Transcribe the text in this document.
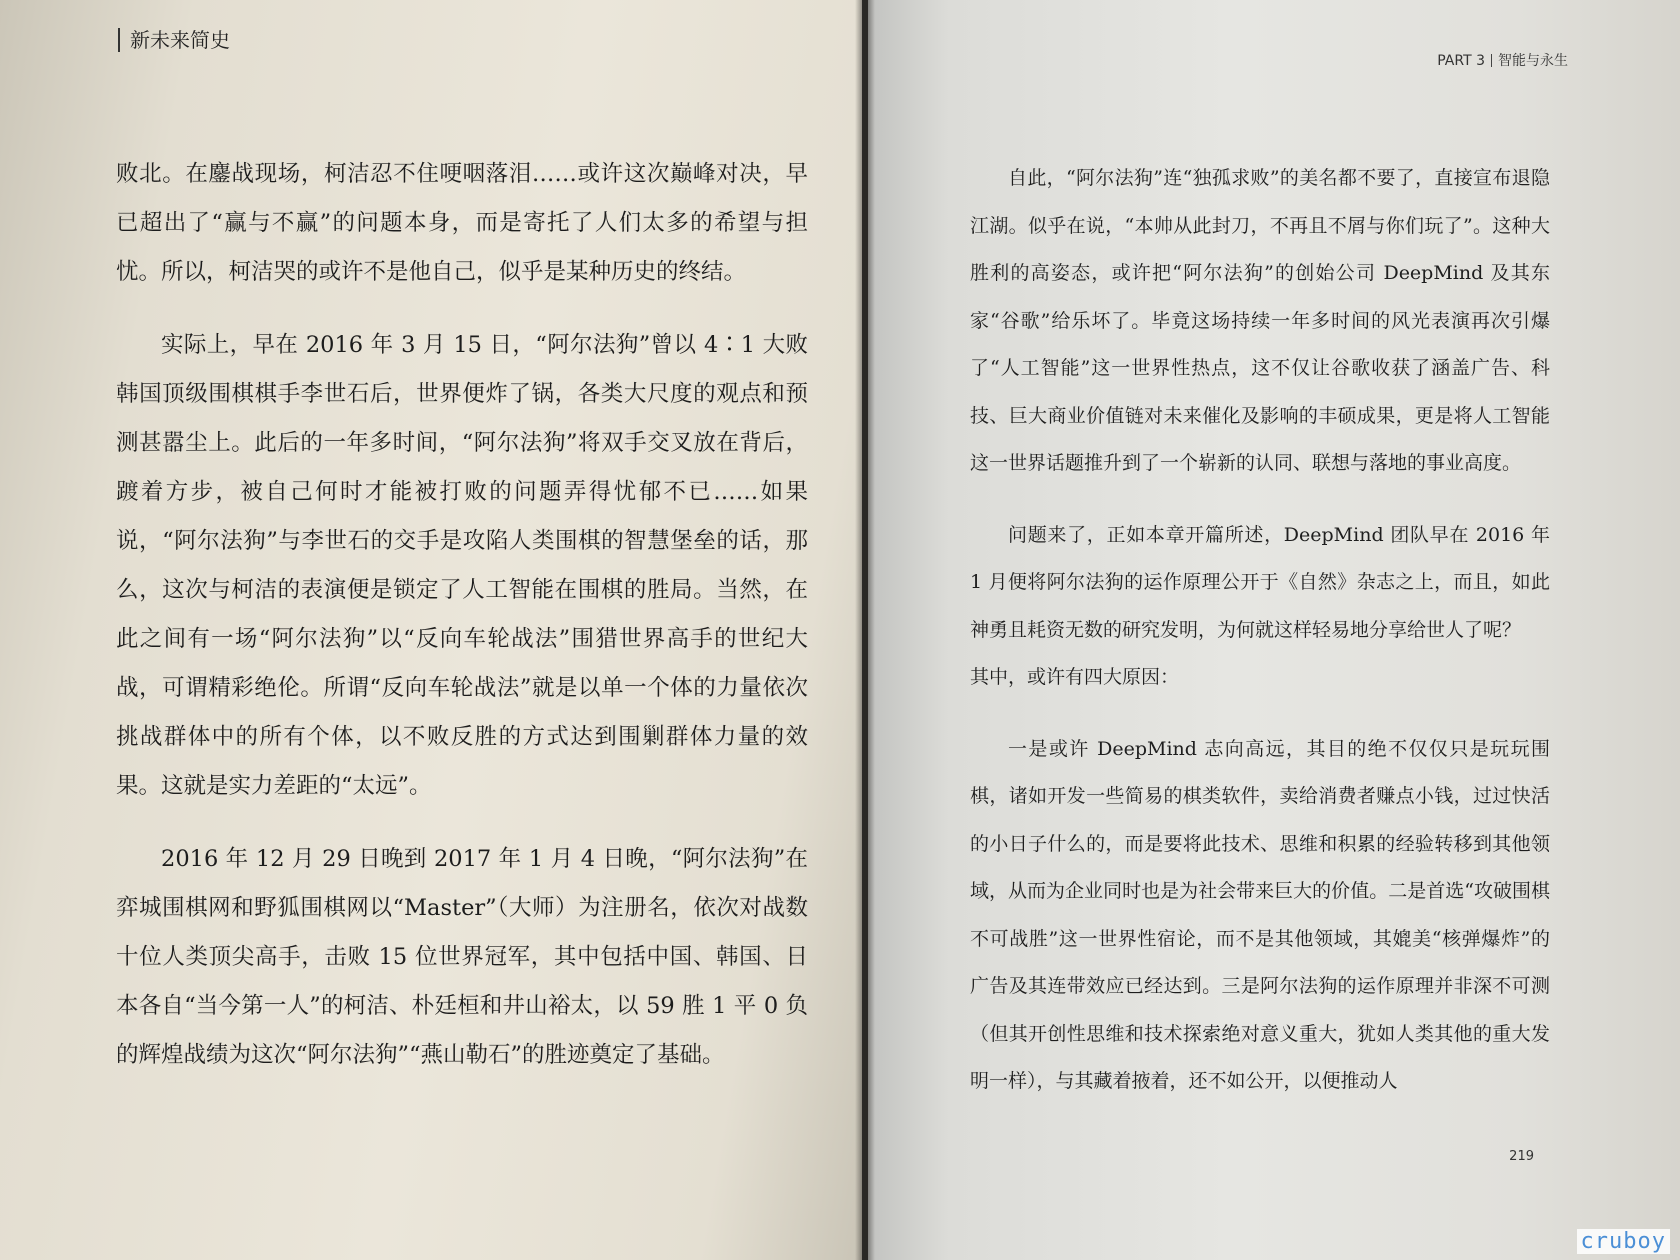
新未来简史

败北。在鏖战现场，柯洁忍不住哽咽落泪……或许这次巅峰对决，早已超出了“赢与不赢”的问题本身，而是寄托了人们太多的希望与担忧。所以，柯洁哭的或许不是他自己，似乎是某种历史的终结。

实际上，早在 2016 年 3 月 15 日，“阿尔法狗”曾以 4∶1 大败韩国顶级围棋棋手李世石后，世界便炸了锅，各类大尺度的观点和预测甚嚣尘上。此后的一年多时间，“阿尔法狗”将双手交叉放在背后，踱着方步，被自己何时才能被打败的问题弄得忧郁不已……如果说，“阿尔法狗”与李世石的交手是攻陷人类围棋的智慧堡垒的话，那么，这次与柯洁的表演便是锁定了人工智能在围棋的胜局。当然，在此之间有一场“阿尔法狗”以“反向车轮战法”围猎世界高手的世纪大战，可谓精彩绝伦。所谓“反向车轮战法”就是以单一个体的力量依次挑战群体中的所有个体，以不败反胜的方式达到围剿群体力量的效果。这就是实力差距的“太远”。

2016 年 12 月 29 日晚到 2017 年 1 月 4 日晚，“阿尔法狗”在弈城围棋网和野狐围棋网以“Master”（大师）为注册名，依次对战数十位人类顶尖高手，击败 15 位世界冠军，其中包括中国、韩国、日本各自“当今第一人”的柯洁、朴廷桓和井山裕太，以 59 胜 1 平 0 负的辉煌战绩为这次“阿尔法狗”“燕山勒石”的胜迹奠定了基础。

PART 3 智能与永生

自此，“阿尔法狗”连“独孤求败”的美名都不要了，直接宣布退隐江湖。似乎在说，“本帅从此封刀，不再且不屑与你们玩了”。这种大胜利的高姿态，或许把“阿尔法狗”的创始公司 DeepMind 及其东家“谷歌”给乐坏了。毕竟这场持续一年多时间的风光表演再次引爆了“人工智能”这一世界性热点，这不仅让谷歌收获了涵盖广告、科技、巨大商业价值链对未来催化及影响的丰硕成果，更是将人工智能这一世界话题推升到了一个崭新的认同、联想与落地的事业高度。

问题来了，正如本章开篇所述，DeepMind 团队早在 2016 年 1 月便将阿尔法狗的运作原理公开于《自然》杂志之上，而且，如此神勇且耗资无数的研究发明，为何就这样轻易地分享给世人了呢？

其中，或许有四大原因：

一是或许 DeepMind 志向高远，其目的绝不仅仅只是玩玩围棋，诸如开发一些简易的棋类软件，卖给消费者赚点小钱，过过快活的小日子什么的，而是要将此技术、思维和积累的经验转移到其他领域，从而为企业同时也是为社会带来巨大的价值。二是首选“攻破围棋不可战胜”这一世界性宿论，而不是其他领域，其媲美“核弹爆炸”的广告及其连带效应已经达到。三是阿尔法狗的运作原理并非深不可测（但其开创性思维和技术探索绝对意义重大，犹如人类其他的重大发明一样），与其藏着掖着，还不如公开，以便推动人

219
cruboy
